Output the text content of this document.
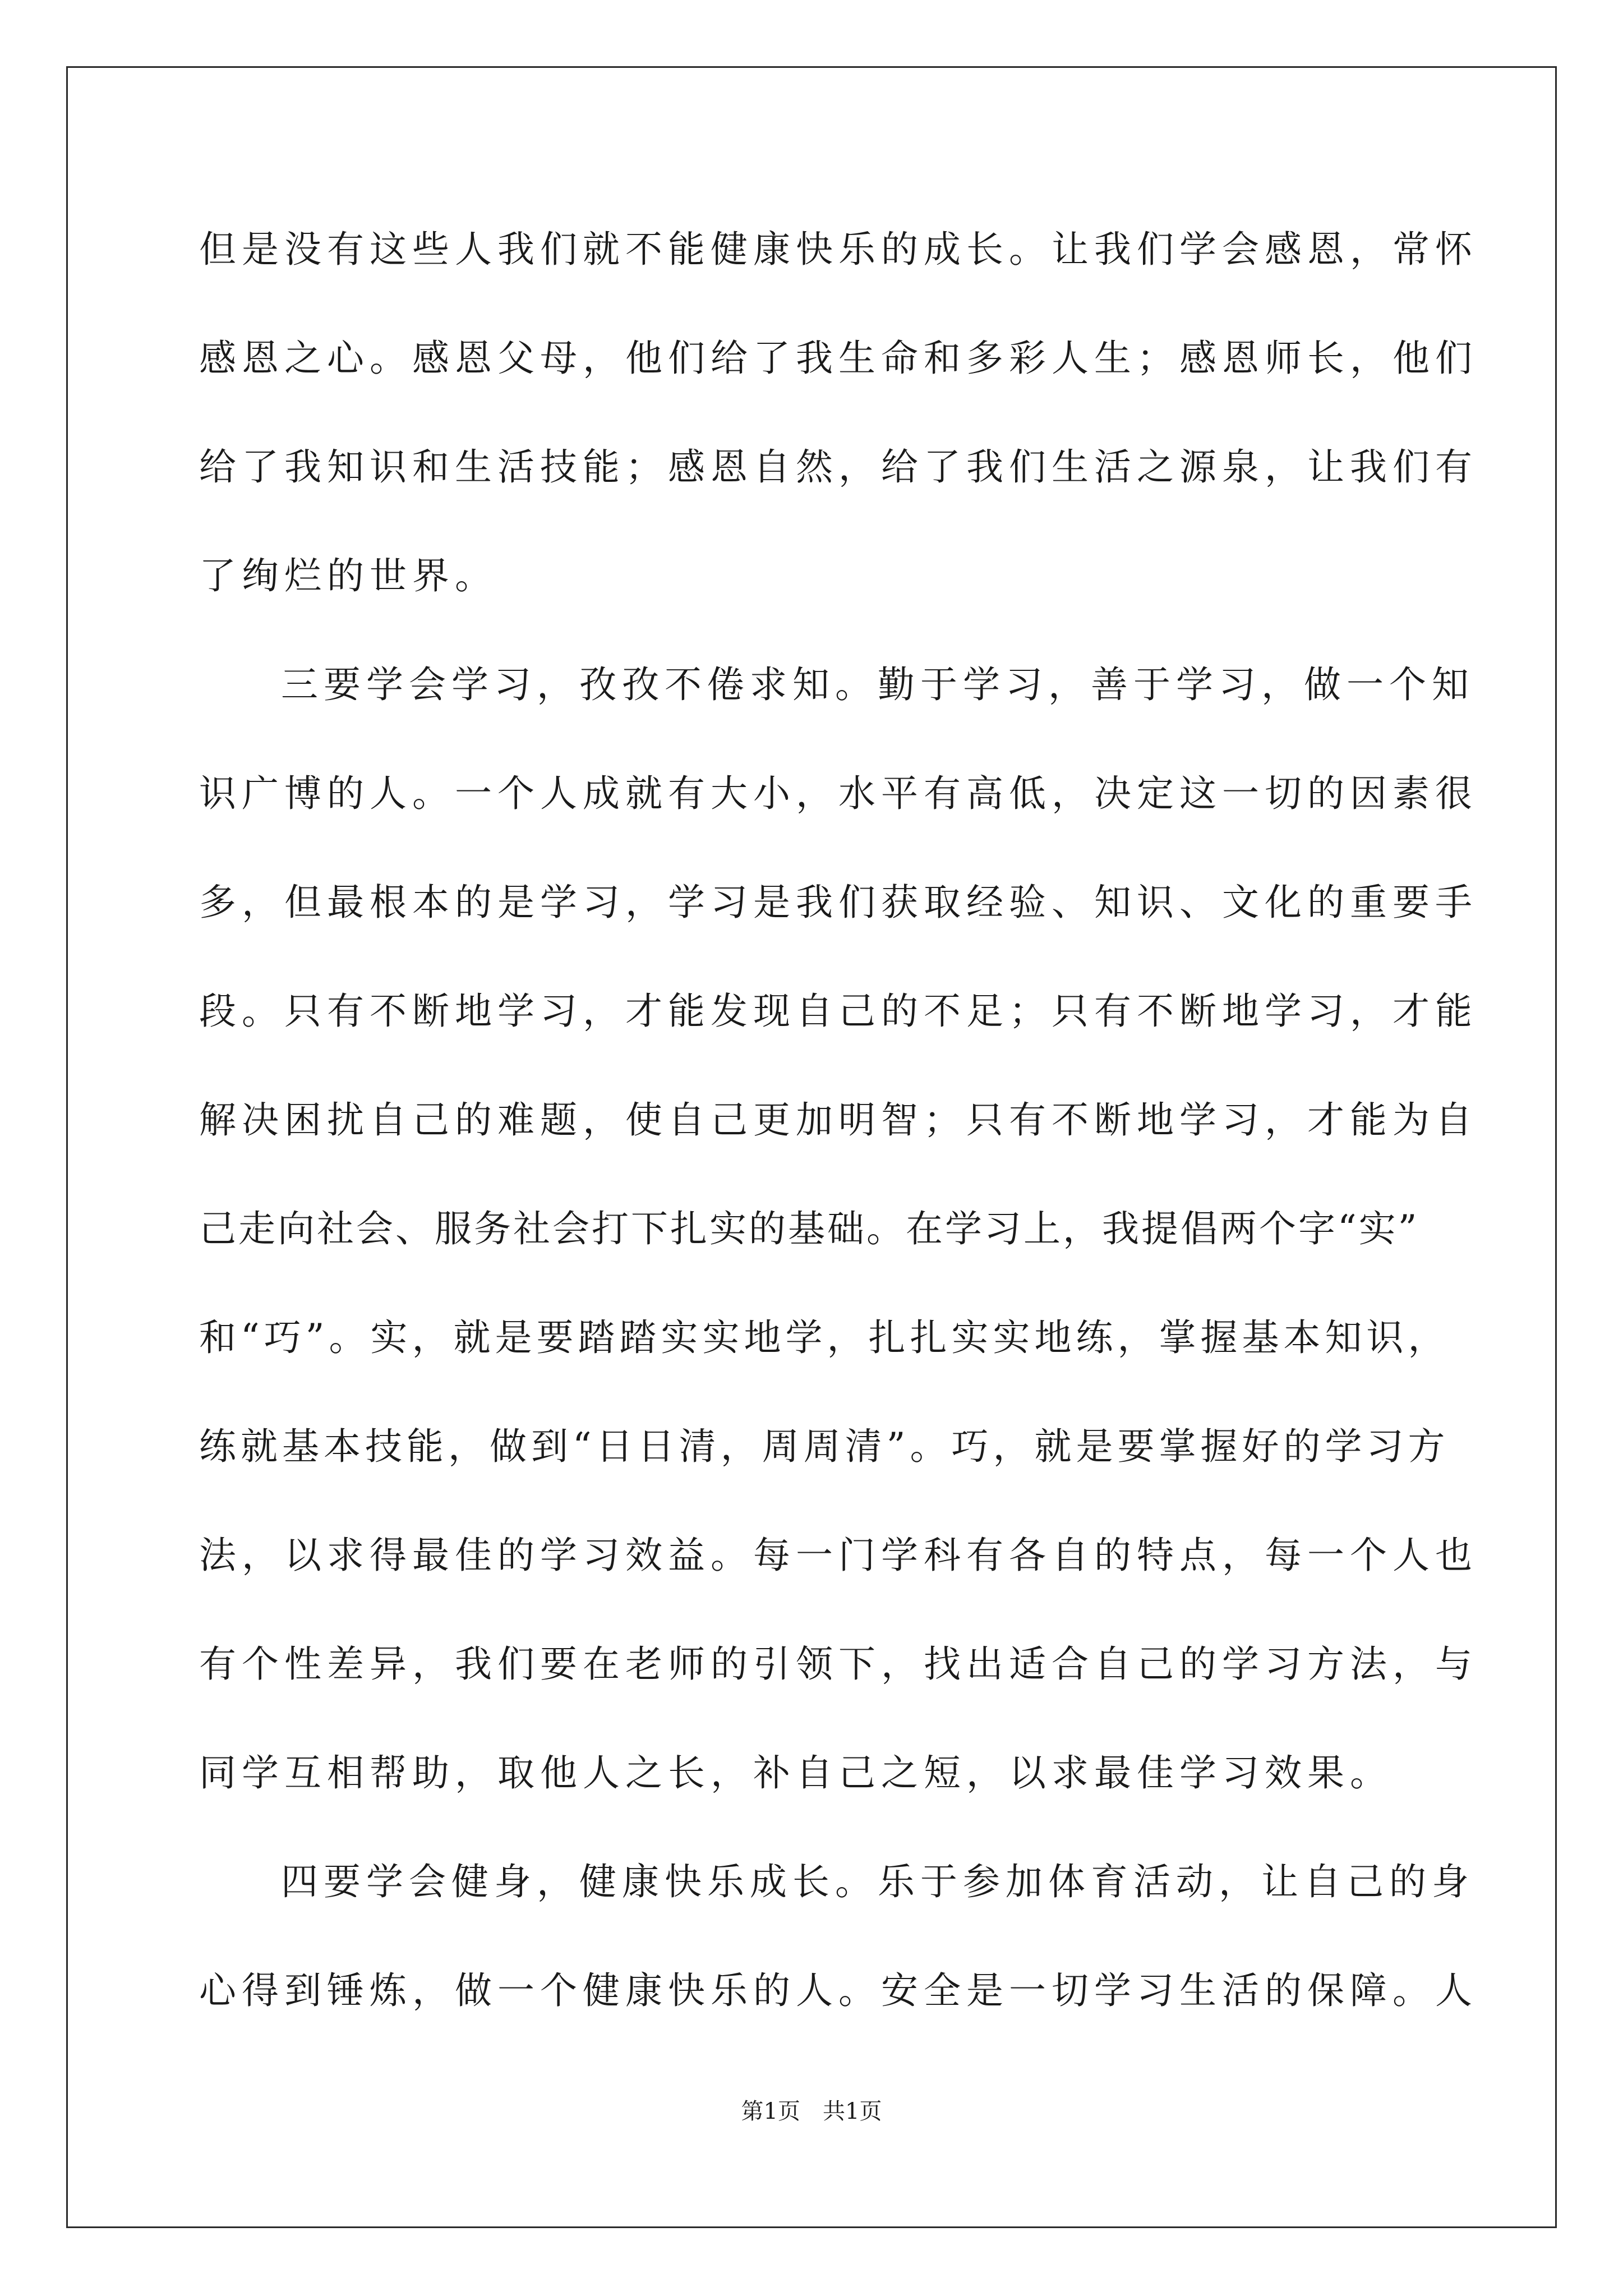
但是没有这些人我们就不能健康快乐的成长。让我们学会感恩，常怀
感恩之心。感恩父母，他们给了我生命和多彩人生；感恩师长，他们
给了我知识和生活技能；感恩自然，给了我们生活之源泉，让我们有
了绚烂的世界。
三要学会学习，孜孜不倦求知。勤于学习，善于学习，做一个知
识广博的人。一个人成就有大小，水平有高低，决定这一切的因素很
多，但最根本的是学习，学习是我们获取经验、知识、文化的重要手
段。只有不断地学习，才能发现自己的不足；只有不断地学习，才能
解决困扰自己的难题，使自己更加明智；只有不断地学习，才能为自
己走向社会、服务社会打下扎实的基础。在学习上，我提倡两个字“实”
和“巧”。实，就是要踏踏实实地学，扎扎实实地练，掌握基本知识，
练就基本技能，做到“日日清，周周清”。巧，就是要掌握好的学习方
法，以求得最佳的学习效益。每一门学科有各自的特点，每一个人也
有个性差异，我们要在老师的引领下，找出适合自己的学习方法，与
同学互相帮助，取他人之长，补自己之短，以求最佳学习效果。
四要学会健身，健康快乐成长。乐于参加体育活动，让自己的身
心得到锤炼，做一个健康快乐的人。安全是一切学习生活的保障。人
第1页 共1页
